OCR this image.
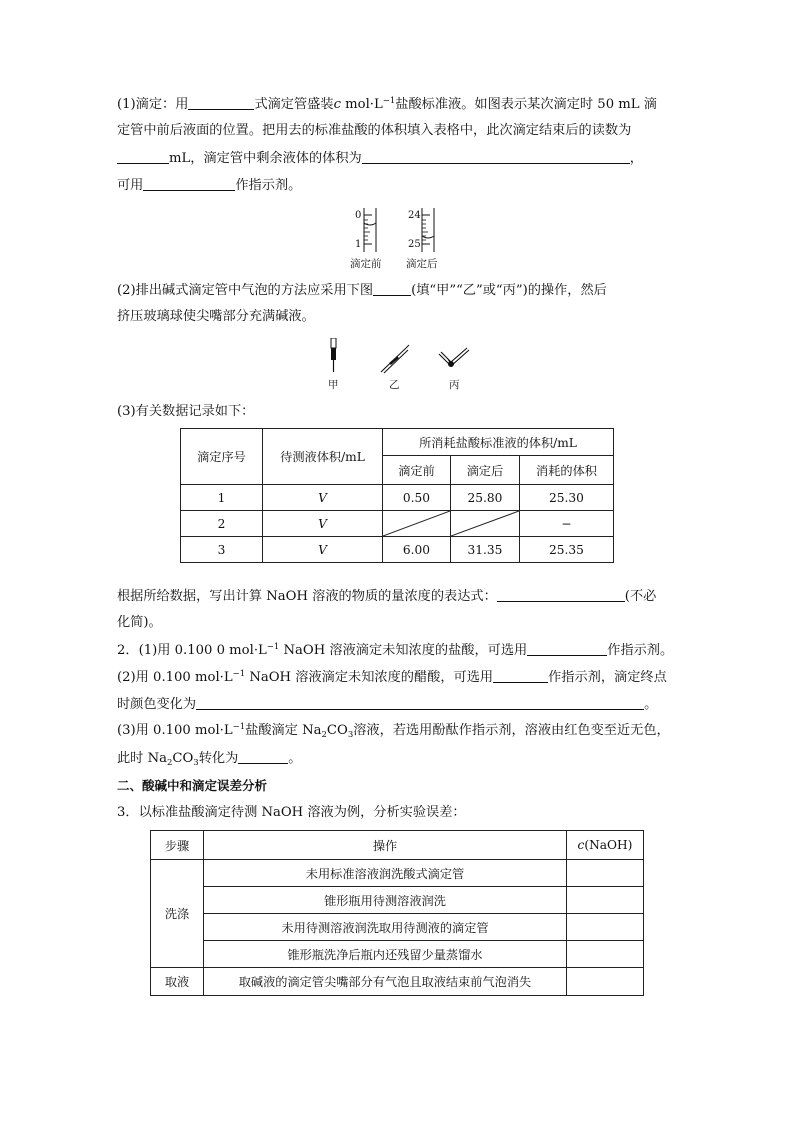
(1)滴定：用	式滴定管盛装c $mol\cdot L^{-1}$盐酸标准液。如图表示某次滴定时 50 mL 滴
定管中前后液面的位置。把用去的标准盐酸的体积填入表格中，此次滴定结束后的读数为
mL，滴定管中剩余液体的体积为	，
可用	作指示剂。
0
1
滴定前
24
25
滴定后
(2)排出碱式滴定管中气泡的方法应采用下图	(填“甲”“乙”或“丙”)的操作，然后
挤压玻璃球使尖嘴部分充满碱液。
甲	乙	丙
(3)有关数据记录如下：
滴定序号	待测液体积/mL	所消耗盐酸标准液的体积/mL		
		滴定前	滴定后	消耗的体积
1	V	0.50	25.80	25.30
2	V			−
3	V	6.00	31.35	25.35
根据所给数据，写出计算 NaOH 溶液的物质的量浓度的表达式：	(不必
化简)。
2．(1)用 0.100 0 $mol\cdot L^{-1}$ NaOH 溶液滴定未知浓度的盐酸，可选用	作指示剂。
(2)用 0.100 $mol\cdot L^{-1}$ NaOH 溶液滴定未知浓度的醋酸，可选用	作指示剂，滴定终点
时颜色变化为	。
(3)用 0.100 $mol\cdot L^{-1}$盐酸滴定 $Na_2CO_3$溶液，若选用酚酞作指示剂，溶液由红色变至近无色，
此时 $Na_2CO_3$转化为	。
二、酸碱中和滴定误差分析
3．以标准盐酸滴定待测 NaOH 溶液为例，分析实验误差：
步骤	操作	c(NaOH)
洗涤	未用标准溶液润洗酸式滴定管	
	锥形瓶用待测溶液润洗	
	未用待测溶液润洗取用待测液的滴定管	
	锥形瓶洗净后瓶内还残留少量蒸馏水	
取液	取碱液的滴定管尖嘴部分有气泡且取液结束前气泡消失	
